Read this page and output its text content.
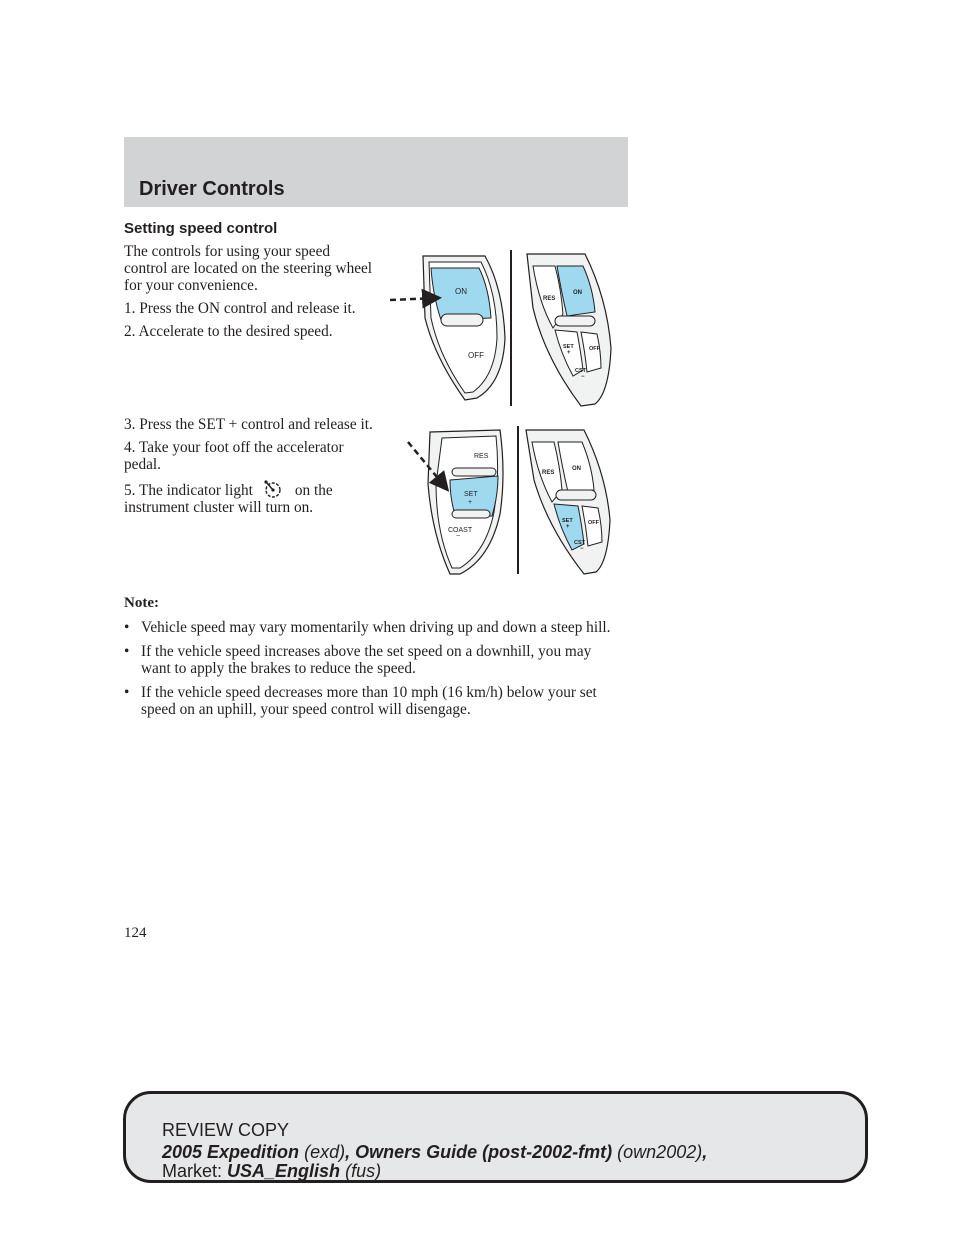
Driver Controls
Setting speed control

The controls for using your speed control are located on the steering wheel for your convenience.

1. Press the ON control and release it.

2. Accelerate to the desired speed.

3. Press the SET + control and release it.

4. Take your foot off the accelerator pedal.

5. The indicator light	on the instrument cluster will turn on.

ON
OFF
RES
ON
SET
+
OFF
CST
−
RES
SET
+
COAST
−
RES
ON
SET
+
OFF
CST
−

Note:

• Vehicle speed may vary momentarily when driving up and down a steep hill.
• If the vehicle speed increases above the set speed on a downhill, you may want to apply the brakes to reduce the speed.
• If the vehicle speed decreases more than 10 mph (16 km/h) below your set speed on an uphill, your speed control will disengage.

124

REVIEW COPY
2005 Expedition (exd), Owners Guide (post-2002-fmt) (own2002),
Market: USA_English (fus)
